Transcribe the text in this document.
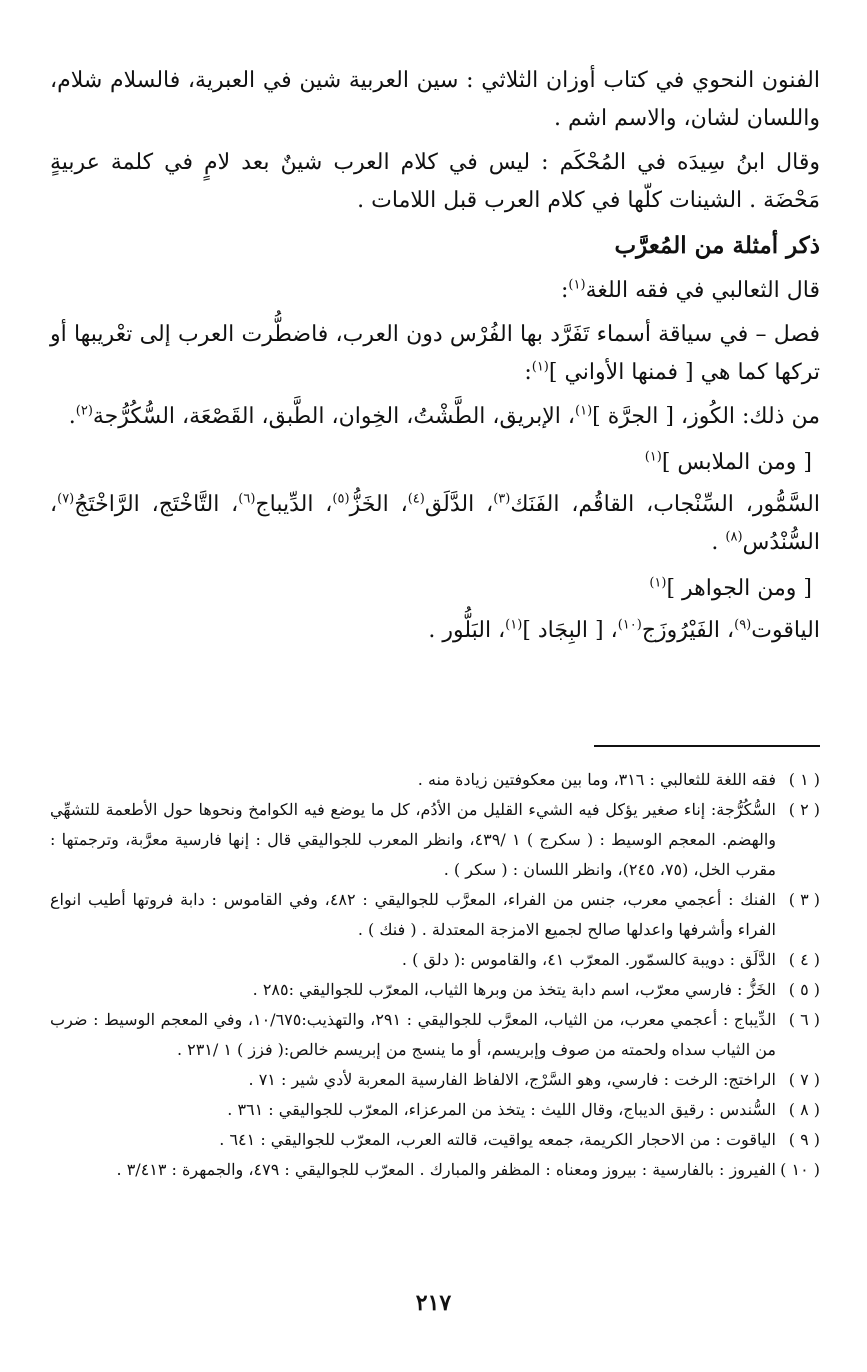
الفنون النحوي في كتاب أوزان الثلاثي : سين العربية شين في العبرية، فالسلام شلام، واللسان لشان، والاسم اشم .

وقال ابنُ سِيدَه في المُحْكَم : ليس في كلام العرب شينٌ بعد لامٍ في كلمة عربيةٍ مَحْضَة . الشينات كلّها في كلام العرب قبل اللامات .

ذكر أمثلة من المُعرَّب

قال الثعالبي في فقه اللغة$^{(١)}$:

فصل – في سياقة أسماء تَفَرَّد بها الفُرْس دون العرب، فاضطُّرت العرب إلى تعْريبها أو تركها كما هي [ فمنها الأواني ]$^{(١)}$:

من ذلك: الكُوز، [ الجرَّة ]$^{(١)}$، الإبريق، الطَّشْتُ، الخِوان، الطَّبق، القَصْعَة، السُّكُرُّجة$^{(٢)}$.

[ ومن الملابس ]$^{(١)}$

السَّمُّور، السِّنْجاب، القاقُم، الفَنَك$^{(٣)}$، الدَّلَق$^{(٤)}$، الخَزُّ$^{(٥)}$، الدِّيباج$^{(٦)}$، التَّاخْتَج، الرَّاخْتَجُ$^{(٧)}$، السُّنْدُس$^{(٨)}$ .

[ ومن الجواهر ]$^{(١)}$

الياقوت$^{(٩)}$، الفَيْرُوزَج$^{(١٠)}$، [ البِجَاد ]$^{(١)}$، البَلُّور .

( ١ )
فقه اللغة للثعالبي : ٣١٦، وما بين معكوفتين زيادة منه .
( ٢ )
السُّكُرُّجة: إناء صغير يؤكل فيه الشيء القليل من الأدُم، كل ما يوضع فيه الكوامخ ونحوها حول الأطعمة للتشهِّي والهضم. المعجم الوسيط : ( سكرج ) ١ /٤٣٩، وانظر المعرب للجواليقي قال : إنها فارسية معرَّبة، وترجمتها : مقرب الخل، (٧٥، ٢٤٥)، وانظر اللسان : ( سكر ) .
( ٣ )
الفنك : أعجمي معرب، جنس من الفراء، المعرَّب للجواليقي : ٤٨٢، وفي القاموس : دابة فروتها أطيب انواع الفراء وأشرفها واعدلها صالح لجميع الامزجة المعتدلة . ( فنك ) .
( ٤ )
الدَّلَق : دويبة كالسمّور. المعرّب ٤١، والقاموس :( دلق ) .
( ٥ )
الخَزُّ : فارسي معرّب، اسم دابة يتخذ من وبرها الثياب، المعرّب للجواليقي :٢٨٥ .
( ٦ )
الدِّيباج : أعجمي معرب، من الثياب، المعرَّب للجواليقي : ٢٩١، والتهذيب:١٠/٦٧٥، وفي المعجم الوسيط : ضرب من الثياب سداه ولحمته من صوف وإبريسم، أو ما ينسج من إبريسم خالص:( فزز ) ١ /٢٣١ .
( ٧ )
الراختج: الرخت : فارسي، وهو السَّرْج، الالفاظ الفارسية المعربة لأدي شير : ٧١ .
( ٨ )
السُّندس : رقيق الديباج، وقال الليث : يتخذ من المرعزاء، المعرّب للجواليقي : ٣٦١ .
( ٩ )
الياقوت : من الاحجار الكريمة، جمعه يواقيت، قالته العرب، المعرّب للجواليقي : ٦٤١ .
( ١٠ )
الفيروز : بالفارسية : بيروز ومعناه : المظفر والمبارك . المعرّب للجواليقي : ٤٧٩، والجمهرة : ٣/٤١٣ .
٢١٧
